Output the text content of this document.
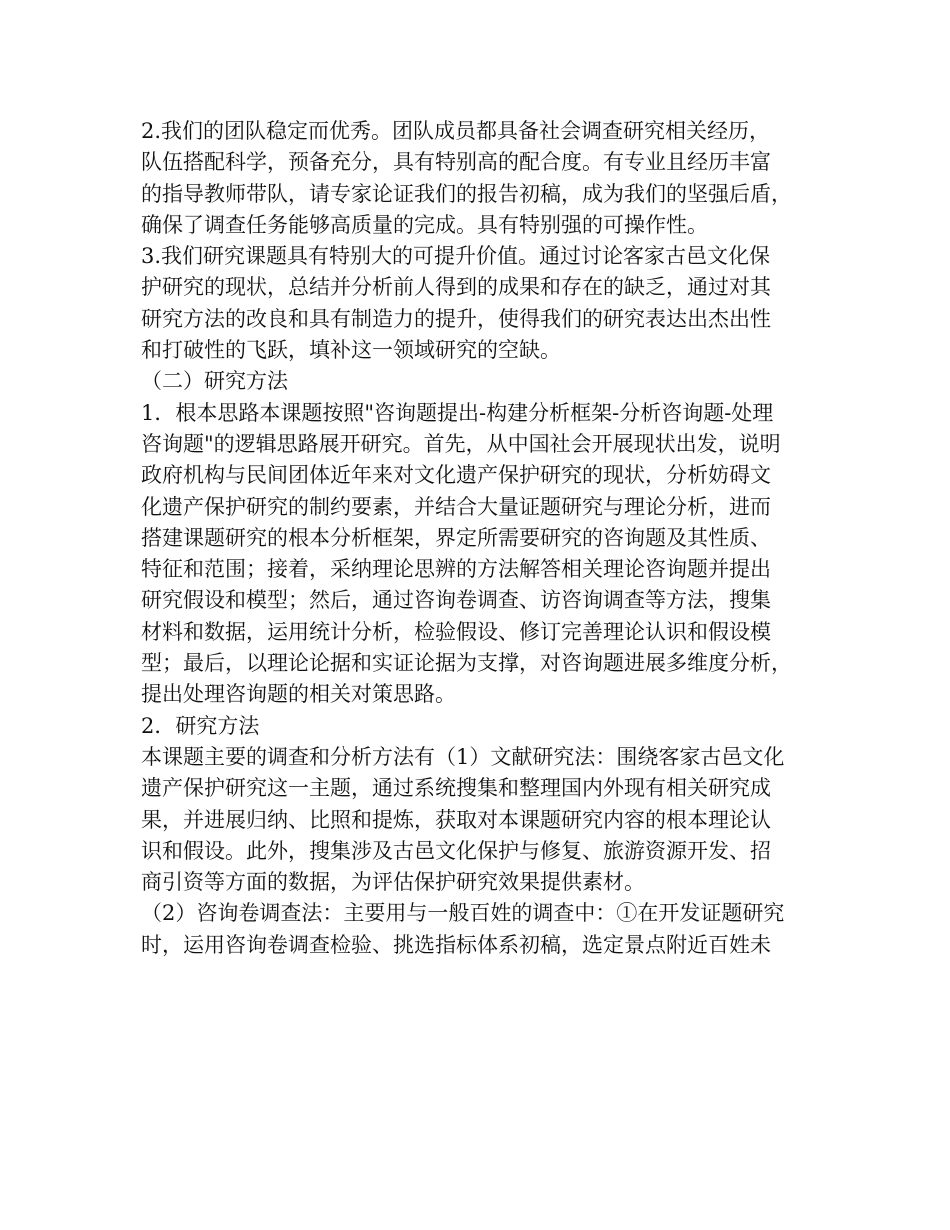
2.我们的团队稳定而优秀。团队成员都具备社会调查研究相关经历，
队伍搭配科学，预备充分，具有特别高的配合度。有专业且经历丰富
的指导教师带队，请专家论证我们的报告初稿，成为我们的坚强后盾，
确保了调查任务能够高质量的完成。具有特别强的可操作性。
3.我们研究课题具有特别大的可提升价值。通过讨论客家古邑文化保
护研究的现状，总结并分析前人得到的成果和存在的缺乏，通过对其
研究方法的改良和具有制造力的提升，使得我们的研究表达出杰出性
和打破性的飞跃，填补这一领域研究的空缺。
（二）研究方法
1．根本思路本课题按照"咨询题提出-构建分析框架-分析咨询题-处理
咨询题"的逻辑思路展开研究。首先，从中国社会开展现状出发，说明
政府机构与民间团体近年来对文化遗产保护研究的现状，分析妨碍文
化遗产保护研究的制约要素，并结合大量证题研究与理论分析，进而
搭建课题研究的根本分析框架，界定所需要研究的咨询题及其性质、
特征和范围；接着，采纳理论思辨的方法解答相关理论咨询题并提出
研究假设和模型；然后，通过咨询卷调查、访咨询调查等方法，搜集
材料和数据，运用统计分析，检验假设、修订完善理论认识和假设模
型；最后，以理论论据和实证论据为支撑，对咨询题进展多维度分析，
提出处理咨询题的相关对策思路。
2．研究方法
本课题主要的调查和分析方法有（1）文献研究法：围绕客家古邑文化
遗产保护研究这一主题，通过系统搜集和整理国内外现有相关研究成
果，并进展归纳、比照和提炼，获取对本课题研究内容的根本理论认
识和假设。此外，搜集涉及古邑文化保护与修复、旅游资源开发、招
商引资等方面的数据，为评估保护研究效果提供素材。
（2）咨询卷调查法：主要用与一般百姓的调查中：①在开发证题研究
时，运用咨询卷调查检验、挑选指标体系初稿，选定景点附近百姓未
